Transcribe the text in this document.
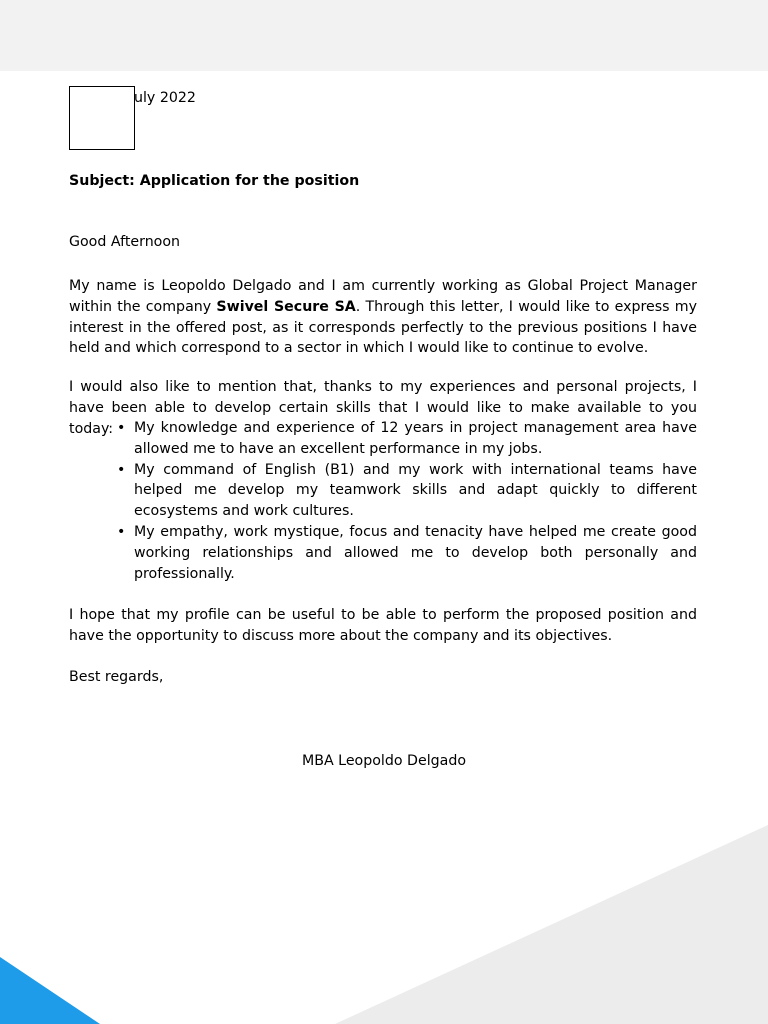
uly 2022
Subject: Application for the position
Good Afternoon

My name is Leopoldo Delgado and I am currently working as Global Project Manager within the company Swivel Secure SA. Through this letter, I would like to express my interest in the offered post, as it corresponds perfectly to the previous positions I have held and which correspond to a sector in which I would like to continue to evolve.

I would also like to mention that, thanks to my experiences and personal projects, I have been able to develop certain skills that I would like to make available to you today: • My knowledge and experience of 12 years in project management area have allowed me to have an excellent performance in my jobs.
• My command of English (B1) and my work with international teams have helped me develop my teamwork skills and adapt quickly to different ecosystems and work cultures.
• My empathy, work mystique, focus and tenacity have helped me create good working relationships and allowed me to develop both personally and professionally.

I hope that my profile can be useful to be able to perform the proposed position and have the opportunity to discuss more about the company and its objectives.

Best regards,
MBA Leopoldo Delgado
